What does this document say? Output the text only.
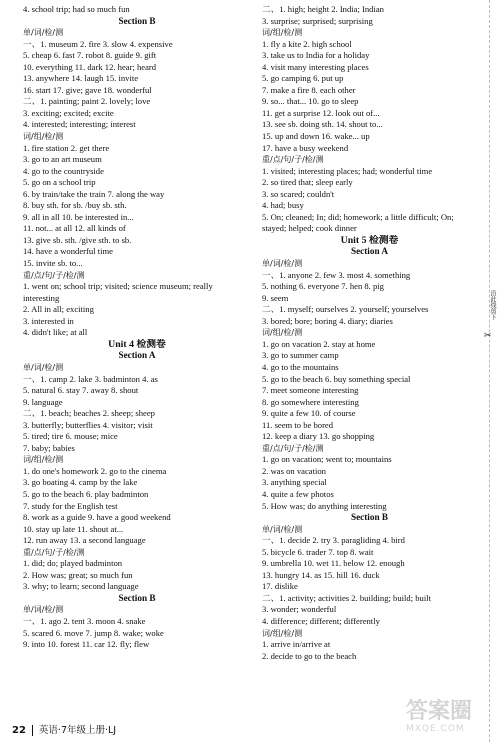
沿此线剪下
✂
4. school trip; had so much fun
Section B
单/词/检/测
一、1. museum 2. fire 3. slow 4. expensive
5. cheap 6. fast 7. robot 8. guide 9. gift
10. everything 11. dark 12. hear; heard
13. anywhere 14. laugh 15. invite
16. start 17. give; gave 18. wonderful
二、1. painting; paint 2. lovely; love
3. exciting; excited; excite
4. interested; interesting; interest
词/组/检/测
1. fire station 2. get there
3. go to an art museum
4. go to the countryside
5. go on a school trip
6. by train/take the train 7. along the way
8. buy sth. for sb. /buy sb. sth.
9. all in all 10. be interested in...
11. not... at all 12. all kinds of
13. give sb. sth. /give sth. to sb.
14. have a wonderful time
15. invite sb. to...
重/点/句/子/检/测
1. went on; school trip; visited; science museum; really interesting
2. All in all; exciting
3. interested in
4. didn't like; at all
Unit 4 检测卷
Section A
单/词/检/测
一、1. camp 2. lake 3. badminton 4. as
5. natural 6. stay 7. away 8. shout
9. language
二、1. beach; beaches 2. sheep; sheep
3. butterfly; butterflies 4. visitor; visit
5. tired; tire 6. mouse; mice
7. baby; babies
词/组/检/测
1. do one's homework 2. go to the cinema
3. go boating 4. camp by the lake
5. go to the beach 6. play badminton
7. study for the English test
8. work as a guide 9. have a good weekend
10. stay up late 11. shout at...
12. run away 13. a second language
重/点/句/子/检/测
1. did; do; played badminton
2. How was; great; so much fun
3. why; to learn; second language
Section B
单/词/检/测
一、1. ago 2. tent 3. moon 4. snake
5. scared 6. move 7. jump 8. wake; woke
9. into 10. forest 11. car 12. fly; flew
二、1. high; height 2. India; Indian
3. surprise; surprised; surprising
词/组/检/测
1. fly a kite 2. high school
3. take us to India for a holiday
4. visit many interesting places
5. go camping 6. put up
7. make a fire 8. each other
9. so... that... 10. go to sleep
11. get a surprise 12. look out of...
13. see sb. doing sth. 14. shout to...
15. up and down 16. wake... up
17. have a busy weekend
重/点/句/子/检/测
1. visited; interesting places; had; wonderful time
2. so tired that; sleep early
3. so scared; couldn't
4. had; busy
5. On; cleaned; In; did; homework; a little difficult; On; stayed; helped; cook dinner
Unit 5 检测卷
Section A
单/词/检/测
一、1. anyone 2. few 3. most 4. something
5. nothing 6. everyone 7. hen 8. pig
9. seem
二、1. myself; ourselves 2. yourself; yourselves
3. bored; bore; boring 4. diary; diaries
词/组/检/测
1. go on vacation 2. stay at home
3. go to summer camp
4. go to the mountains
5. go to the beach 6. buy something special
7. meet someone interesting
8. go somewhere interesting
9. quite a few 10. of course
11. seem to be bored
12. keep a diary 13. go shopping
重/点/句/子/检/测
1. go on vacation; went to; mountains
2. was on vacation
3. anything special
4. quite a few photos
5. How was; do anything interesting
Section B
单/词/检/测
一、1. decide 2. try 3. paragliding 4. bird
5. bicycle 6. trader 7. top 8. wait
9. umbrella 10. wet 11. below 12. enough
13. hungry 14. as 15. hill 16. duck
17. dislike
二、1. activity; activities 2. building; build; built
3. wonder; wonderful
4. difference; different; differently
词/组/检/测
1. arrive in/arrive at
2. decide to go to the beach
22 英语·7年级上册·LJ
答案圈
MXQE.COM
